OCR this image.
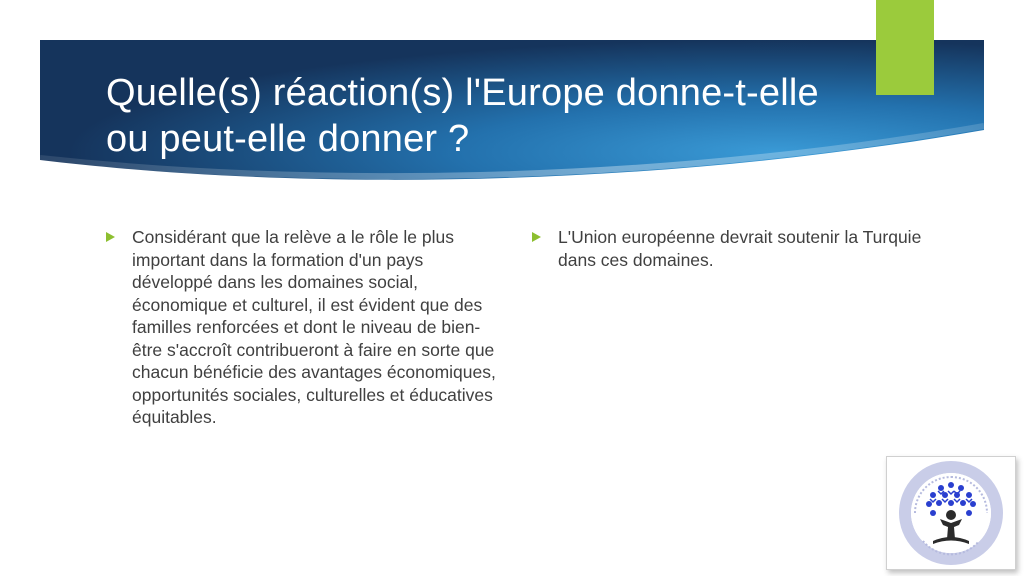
Quelle(s) réaction(s) l'Europe donne-t-elle ou peut-elle donner ?
Considérant que la relève a le rôle le plus important dans la formation d'un pays développé dans les domaines social, économique et culturel, il est évident que des familles renforcées et dont le niveau de bien-être s'accroît contribueront à faire en sorte que chacun bénéficie des avantages économiques, opportunités sociales, culturelles et éducatives équitables.
L'Union européenne devrait soutenir la Turquie dans ces domaines.
